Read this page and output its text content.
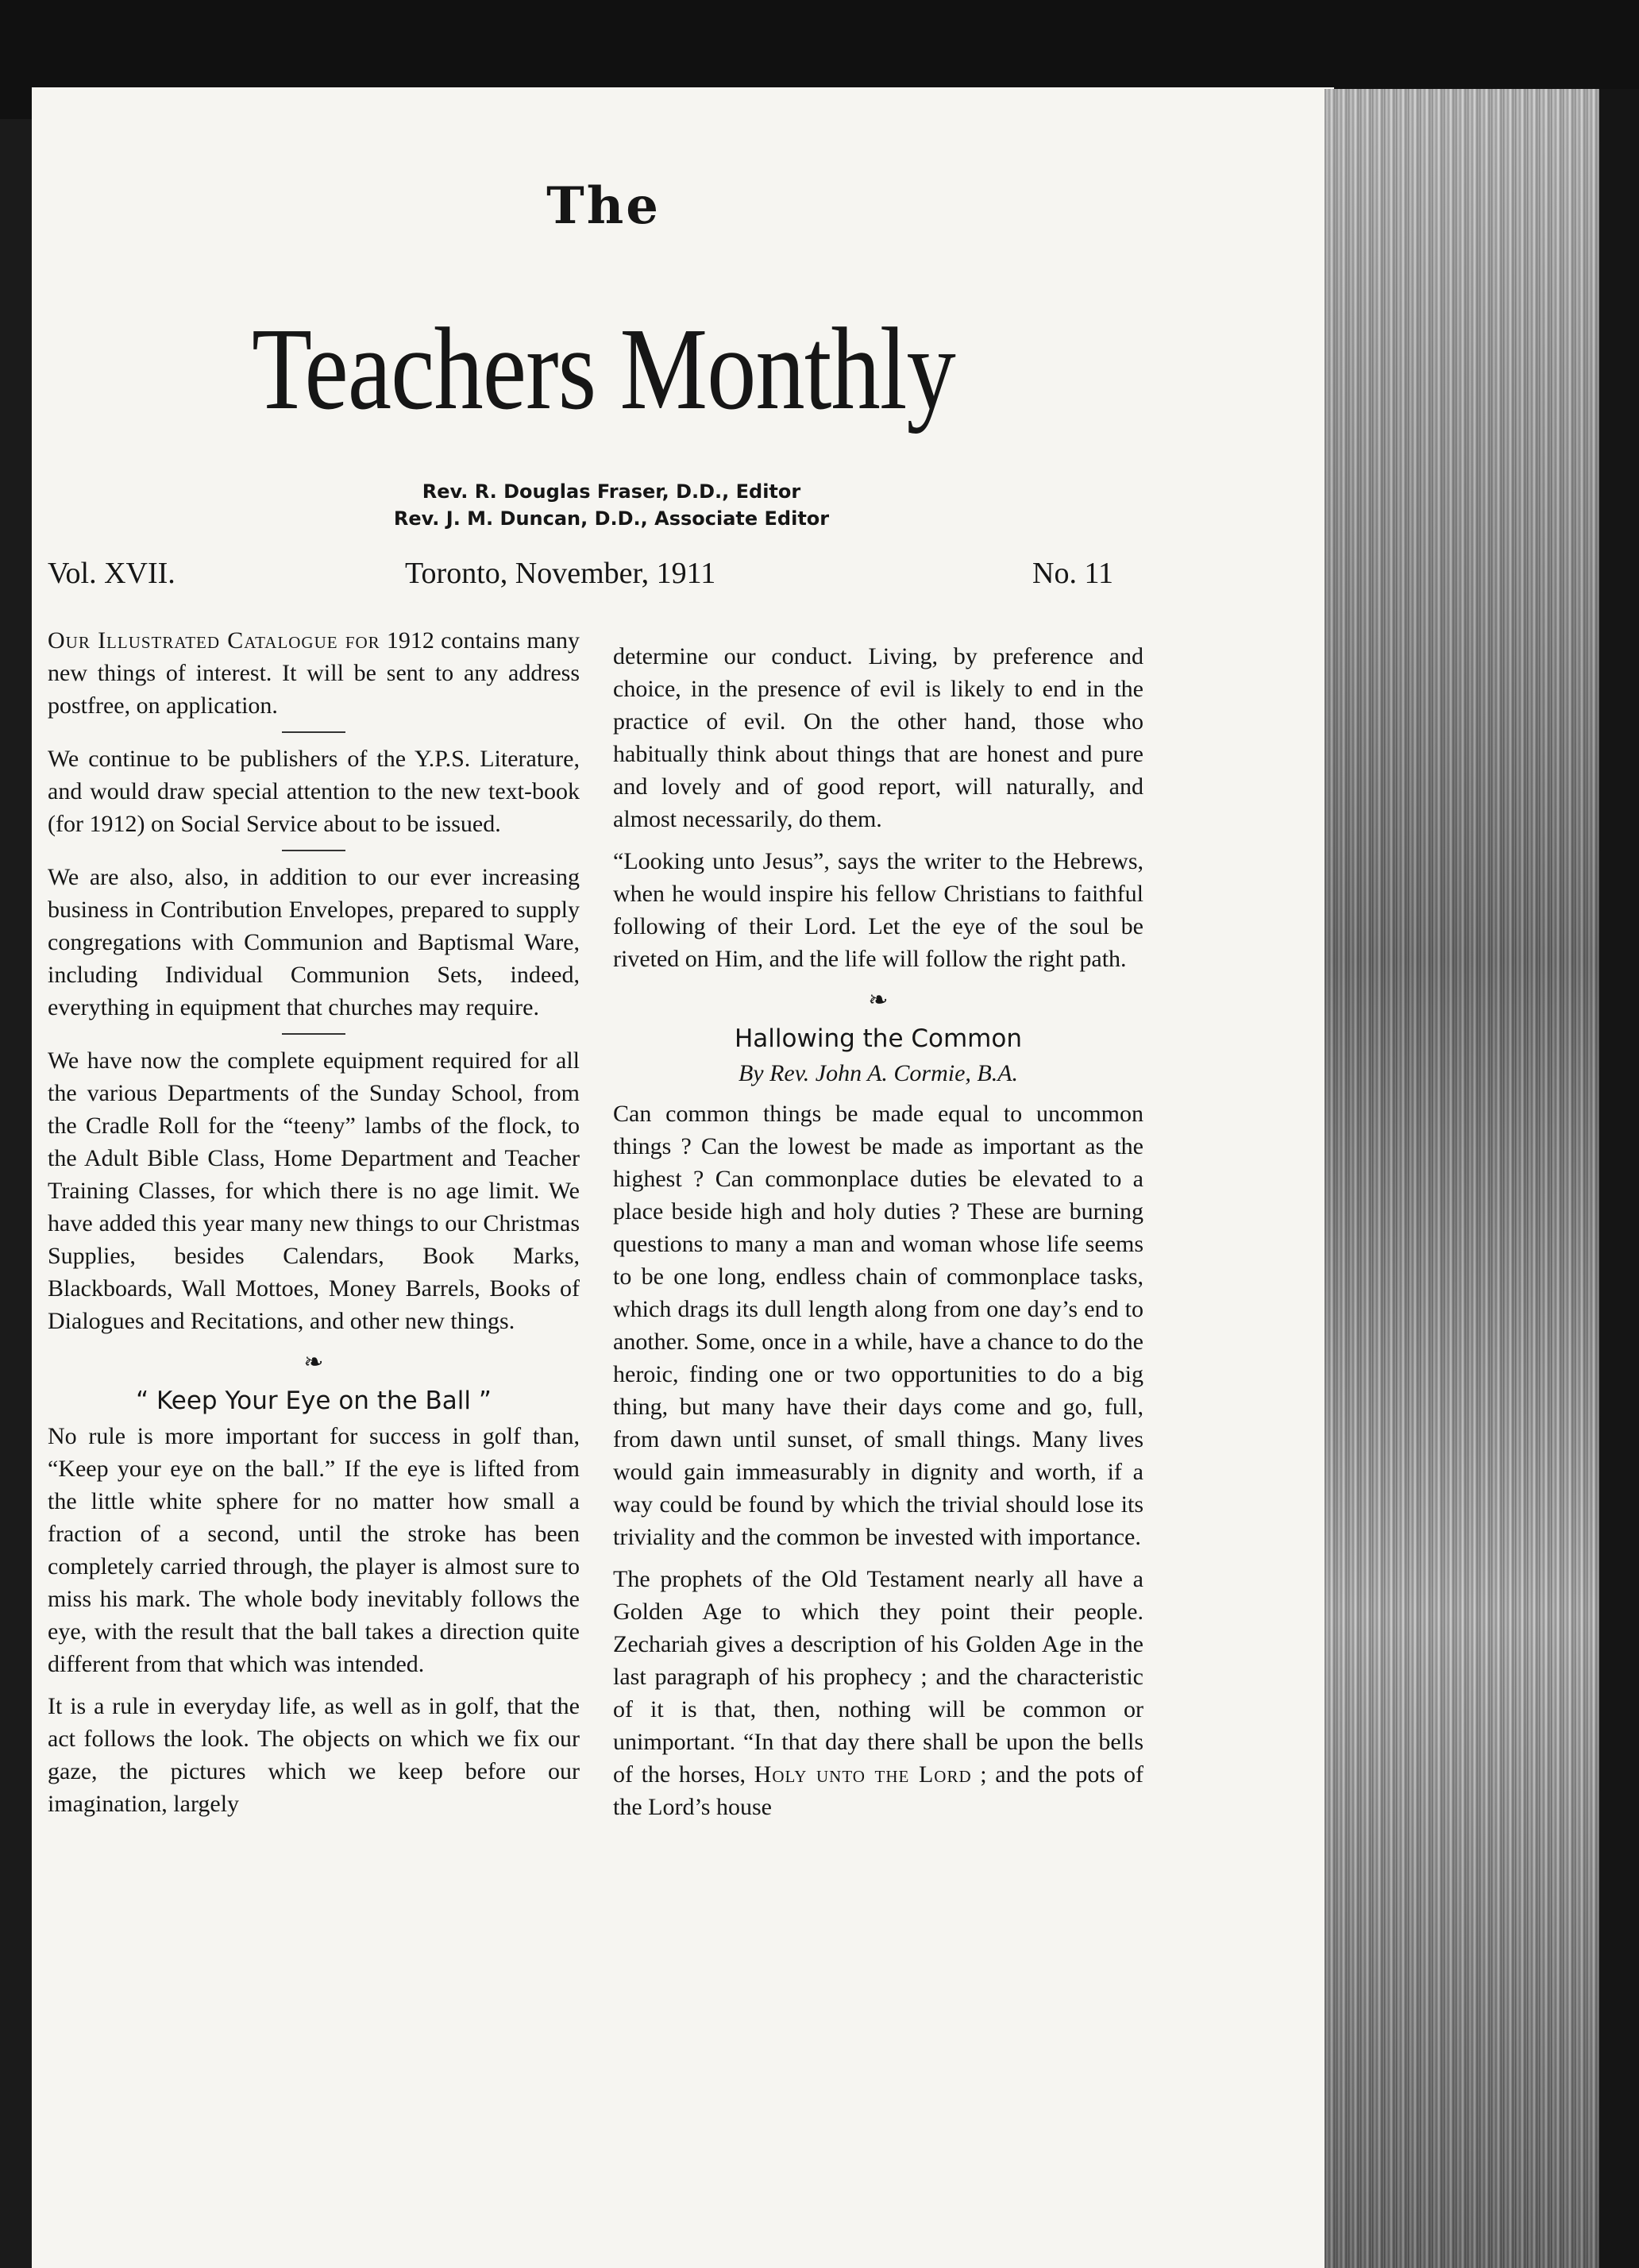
The
Teachers Monthly
Rev. R. Douglas Fraser, D.D., Editor
Rev. J. M. Duncan, D.D., Associate Editor
Vol. XVII.	Toronto, November, 1911	No. 11

Our Illustrated Catalogue for 1912 contains many new things of interest. It will be sent to any address postfree, on application.

We continue to be publishers of the Y.P.S. Literature, and would draw special attention to the new text-book (for 1912) on Social Service about to be issued.

We are also, also, in addition to our ever increasing business in Contribution Envelopes, prepared to supply congregations with Communion and Baptismal Ware, including Individual Communion Sets, indeed, everything in equipment that churches may require.

We have now the complete equipment required for all the various Departments of the Sunday School, from the Cradle Roll for the “teeny” lambs of the flock, to the Adult Bible Class, Home Department and Teacher Training Classes, for which there is no age limit. We have added this year many new things to our Christmas Supplies, besides Calendars, Book Marks, Blackboards, Wall Mottoes, Money Barrels, Books of Dialogues and Recitations, and other new things.

❧
“ Keep Your Eye on the Ball ”

No rule is more important for success in golf than, “Keep your eye on the ball.” If the eye is lifted from the little white sphere for no matter how small a fraction of a second, until the stroke has been completely carried through, the player is almost sure to miss his mark. The whole body inevitably follows the eye, with the result that the ball takes a direction quite different from that which was intended.

It is a rule in everyday life, as well as in golf, that the act follows the look. The objects on which we fix our gaze, the pictures which we keep before our imagination, largely

determine our conduct. Living, by preference and choice, in the presence of evil is likely to end in the practice of evil. On the other hand, those who habitually think about things that are honest and pure and lovely and of good report, will naturally, and almost necessarily, do them.

“Looking unto Jesus”, says the writer to the Hebrews, when he would inspire his fellow Christians to faithful following of their Lord. Let the eye of the soul be riveted on Him, and the life will follow the right path.

❧
Hallowing the Common
By Rev. John A. Cormie, B.A.

Can common things be made equal to uncommon things ? Can the lowest be made as important as the highest ? Can commonplace duties be elevated to a place beside high and holy duties ? These are burning questions to many a man and woman whose life seems to be one long, endless chain of commonplace tasks, which drags its dull length along from one day’s end to another. Some, once in a while, have a chance to do the heroic, finding one or two opportunities to do a big thing, but many have their days come and go, full, from dawn until sunset, of small things. Many lives would gain immeasurably in dignity and worth, if a way could be found by which the trivial should lose its triviality and the common be invested with importance.

The prophets of the Old Testament nearly all have a Golden Age to which they point their people. Zechariah gives a description of his Golden Age in the last paragraph of his prophecy ; and the characteristic of it is that, then, nothing will be common or unimportant. “In that day there shall be upon the bells of the horses, Holy unto the Lord ; and the pots of the Lord’s house
